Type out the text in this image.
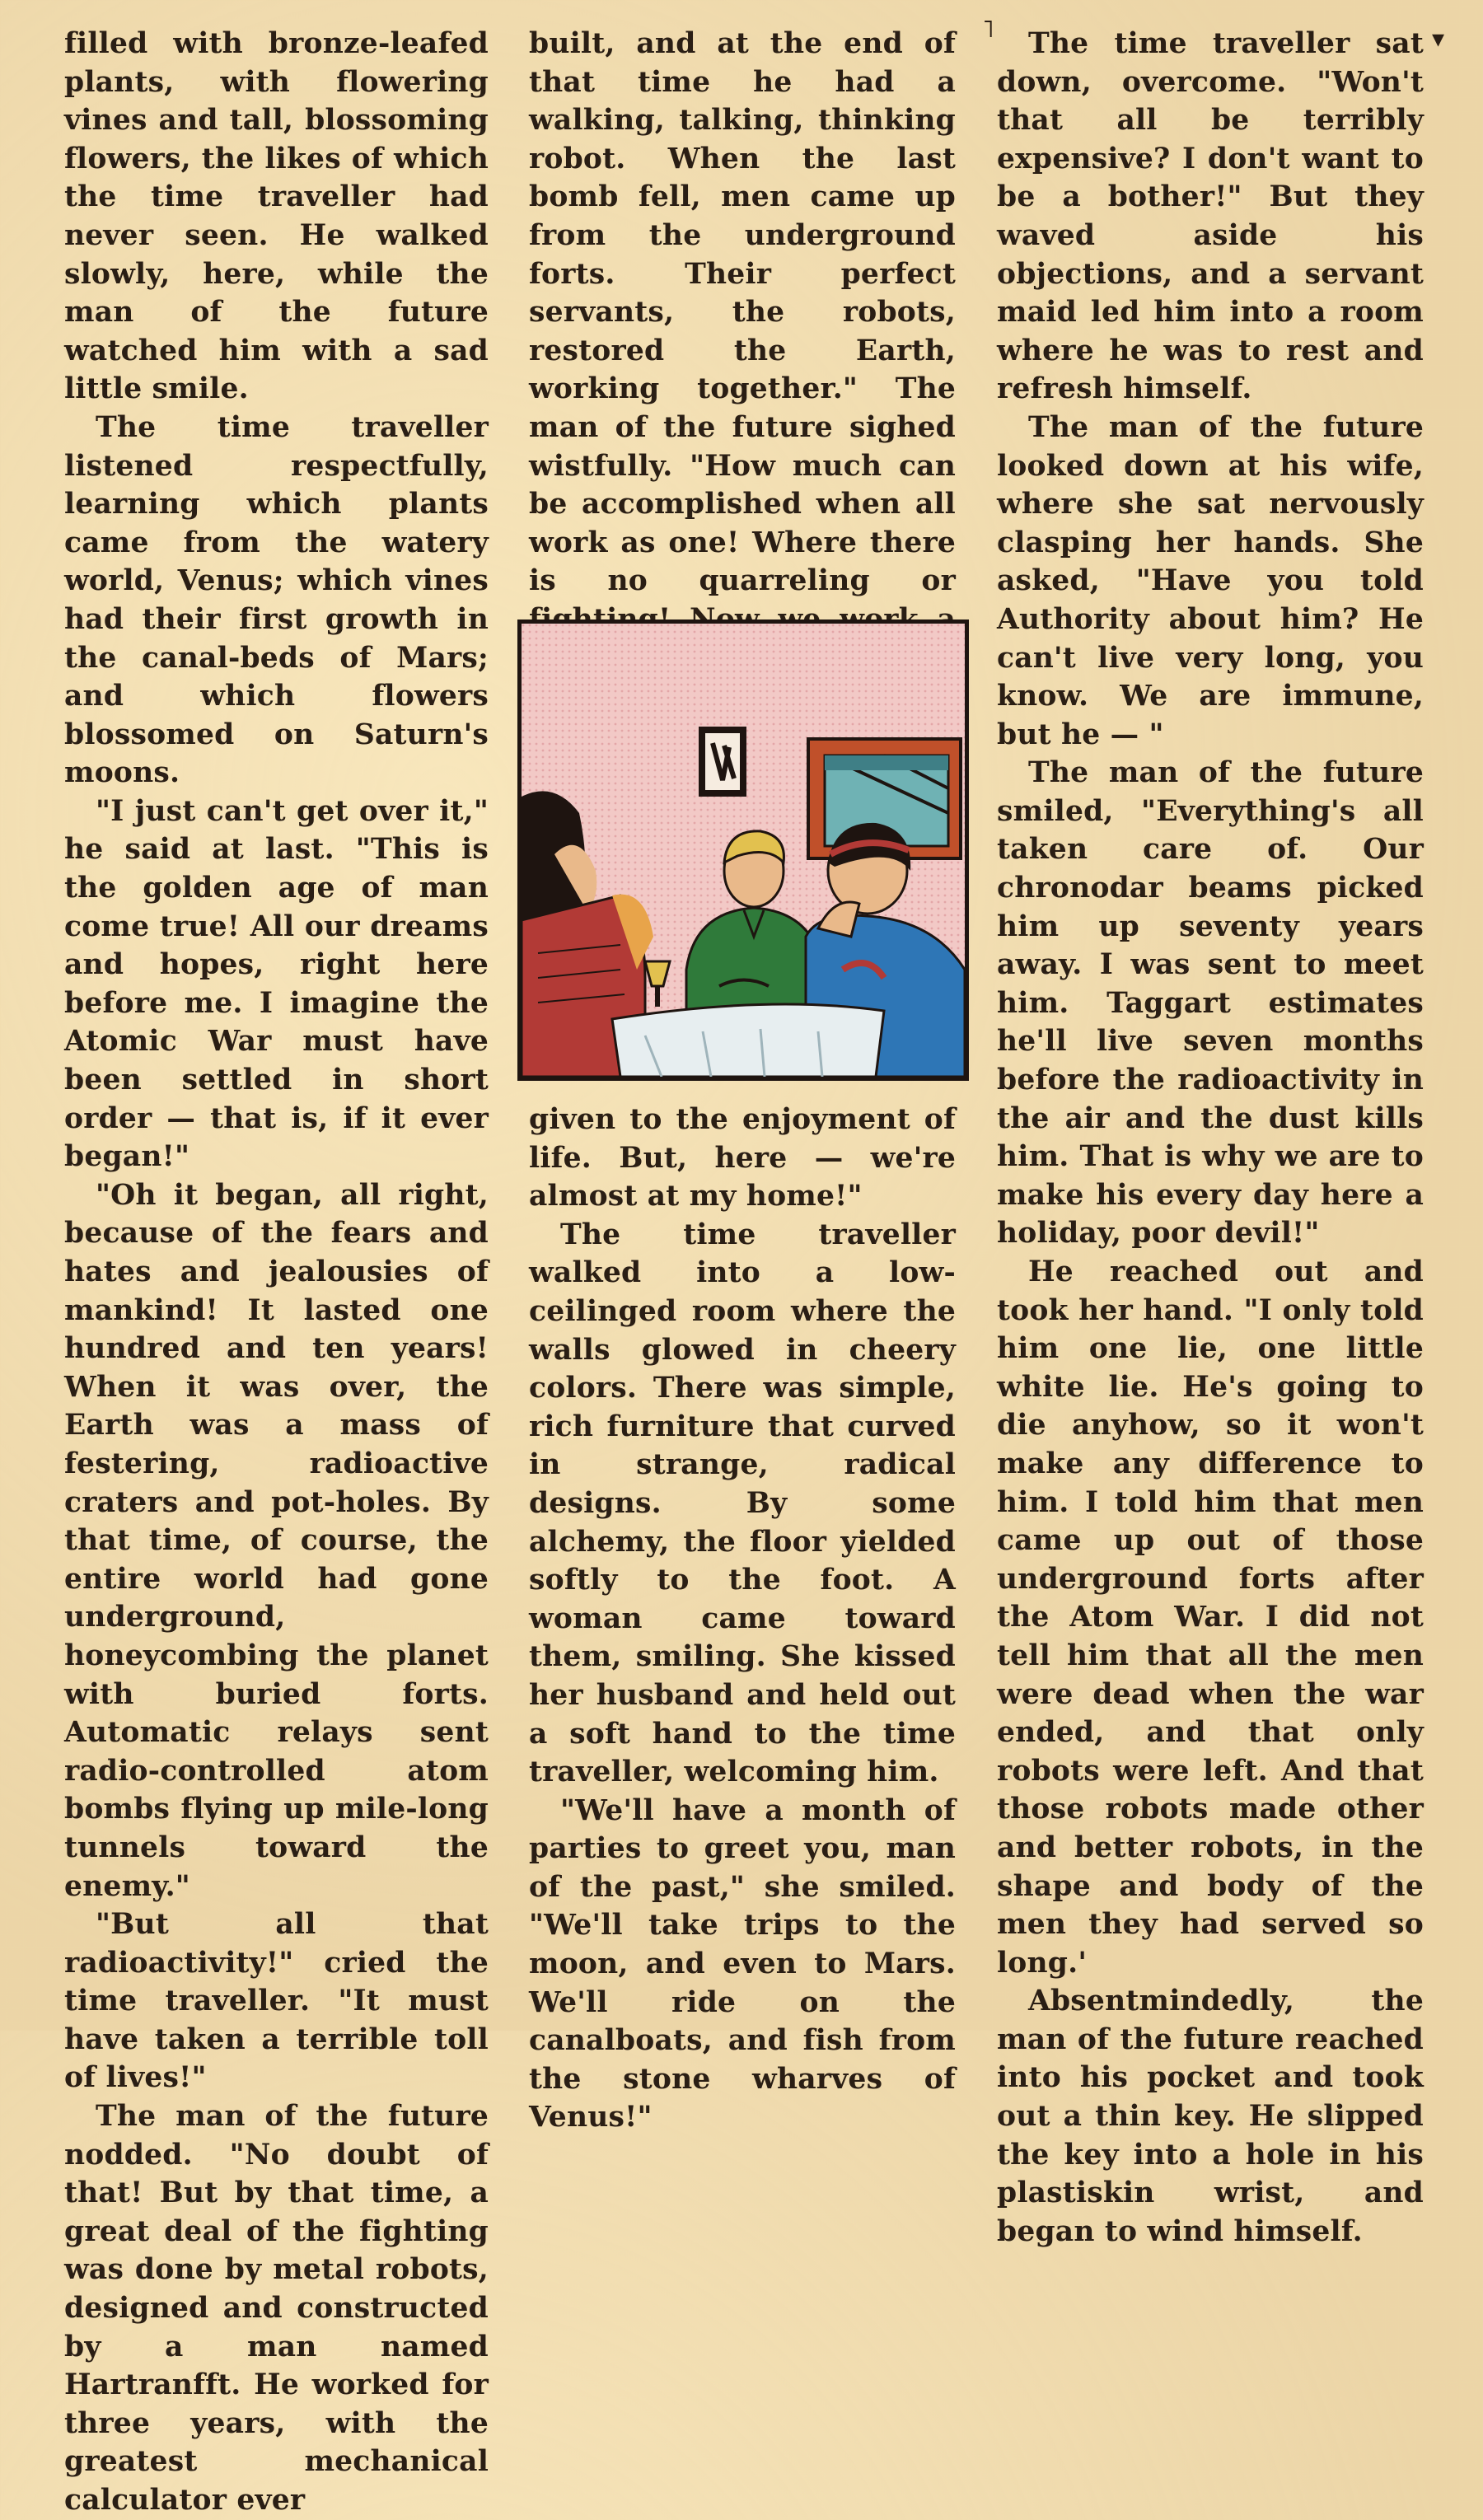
filled with bronze-leafed plants, with flowering vines and tall, blossoming flowers, the likes of which the time traveller had never seen. He walked slowly, here, while the man of the future watched him with a sad little smile.

The time traveller listened respectfully, learning which plants came from the watery world, Venus; which vines had their first growth in the canal-beds of Mars; and which flowers blossomed on Saturn's moons.

"I just can't get over it," he said at last. "This is the golden age of man come true! All our dreams and hopes, right here before me. I imagine the Atomic War must have been settled in short order — that is, if it ever began!"

"Oh it began, all right, because of the fears and hates and jealousies of mankind! It lasted one hundred and ten years! When it was over, the Earth was a mass of festering, radioactive craters and pot-holes. By that time, of course, the entire world had gone underground, honeycombing the planet with buried forts. Automatic relays sent radio-controlled atom bombs flying up mile-long tunnels toward the enemy."

"But all that radioactivity!" cried the time traveller. "It must have taken a terrible toll of lives!"

The man of the future nodded. "No doubt of that! But by that time, a great deal of the fighting was done by metal robots, designed and constructed by a man named Hartranfft. He worked for three years, with the greatest mechanical calculator ever

built, and at the end of that time he had a walking, talking, thinking robot. When the last bomb fell, men came up from the underground forts. Their perfect servants, the robots, restored the Earth, working together." The man of the future sighed wistfully. "How much can be accomplished when all work as one! Where there is no quarreling or

given to the enjoyment of life. But, here — we're almost at my home!"

The time traveller walked into a low-ceilinged room where the walls glowed in cheery colors. There was simple, rich furniture that curved in strange, radical designs. By some alchemy, the floor yielded softly to the foot. A woman came toward them, smiling. She kissed her husband and held out a soft hand to the time traveller, welcoming him.

"We'll have a month of parties to greet you, man of the past," she smiled. "We'll take trips to the moon, and even to Mars. We'll ride on the canalboats, and fish from the stone wharves of Venus!"

The time traveller sat down, overcome. "Won't that all be terribly expensive? I don't want to be a bother!" But they waved aside his objections, and a servant maid led him into a room where he was to rest and refresh himself.

The man of the future looked down at his wife, where she sat nervously clasping her hands. She asked, "Have you told Authority about him? He can't live very long, you know. We are immune, but he — "

The man of the future smiled, "Everything's all taken care of. Our chronodar beams picked him up seventy years away. I was sent to meet him. Taggart estimates he'll live seven months before the radioactivity in the air and the dust kills him. That is why we are to make his every day here a holiday, poor devil!"

He reached out and took her hand. "I only told him one lie, one little white lie. He's going to die anyhow, so it won't make any difference to him. I told him that men came up out of those underground forts after the Atom War. I did not tell him that all the men were dead when the war ended, and that only robots were left. And that those robots made other and better robots, in the shape and body of the men they had served so long.'

Absentmindedly, the man of the future reached into his pocket and took out a thin key. He slipped the key into a hole in his plastiskin wrist, and began to wind himself.

˥	▾
